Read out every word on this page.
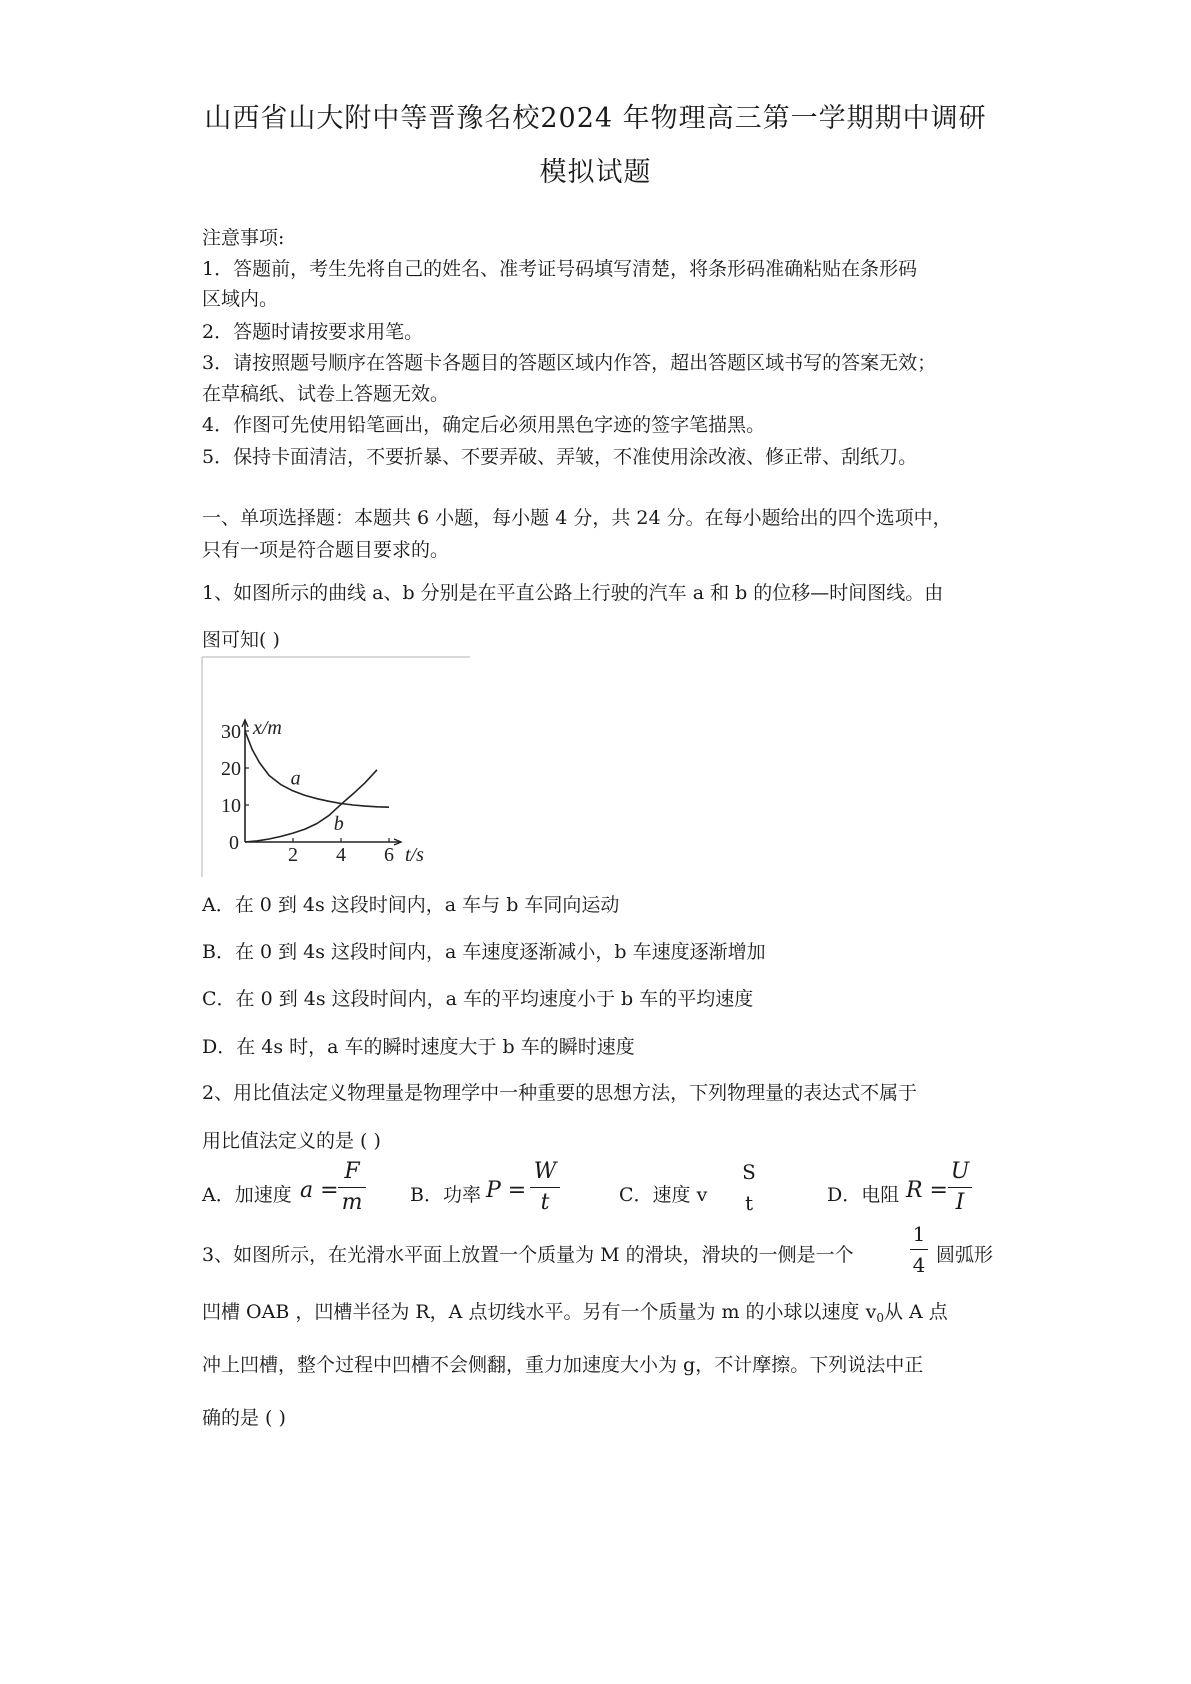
山西省山大附中等晋豫名校2024 年物理高三第一学期期中调研
模拟试题
注意事项:
1．答题前，考生先将自己的姓名、准考证号码填写清楚，将条形码准确粘贴在条形码
区域内。
2．答题时请按要求用笔。
3．请按照题号顺序在答题卡各题目的答题区域内作答，超出答题区域书写的答案无效；
在草稿纸、试卷上答题无效。
4．作图可先使用铅笔画出，确定后必须用黑色字迹的签字笔描黑。
5．保持卡面清洁，不要折暴、不要弄破、弄皱，不准使用涂改液、修正带、刮纸刀。
一、单项选择题：本题共 6 小题，每小题 4 分，共 24 分。在每小题给出的四个选项中，
只有一项是符合题目要求的。
1、如图所示的曲线 a、b 分别是在平直公路上行驶的汽车 a 和 b 的位移—时间图线。由
图可知( )
2 4 6
10
20
30
0
x/m
t/s
a
b
A．在 0 到 4s 这段时间内，a 车与 b 车同向运动
B．在 0 到 4s 这段时间内，a 车速度逐渐减小，b 车速度逐渐增加
C．在 0 到 4s 这段时间内，a 车的平均速度小于 b 车的平均速度
D．在 4s 时，a 车的瞬时速度大于 b 车的瞬时速度
2、用比值法定义物理量是物理学中一种重要的思想方法，下列物理量的表达式不属于
用比值法定义的是 ( )
A．加速度 a =
F
m	B．功率 P =
W
t	C．速度 v
S
t	D．电阻 R =
U
I
3、如图所示，在光滑水平面上放置一个质量为 M 的滑块，滑块的一侧是一个
1
4 圆弧形
凹槽 OAB ，凹槽半径为 R，A 点切线水平。另有一个质量为 m 的小球以速度 $v_0$从 A 点
冲上凹槽，整个过程中凹槽不会侧翻，重力加速度大小为 g，不计摩擦。下列说法中正
确的是 ( )
